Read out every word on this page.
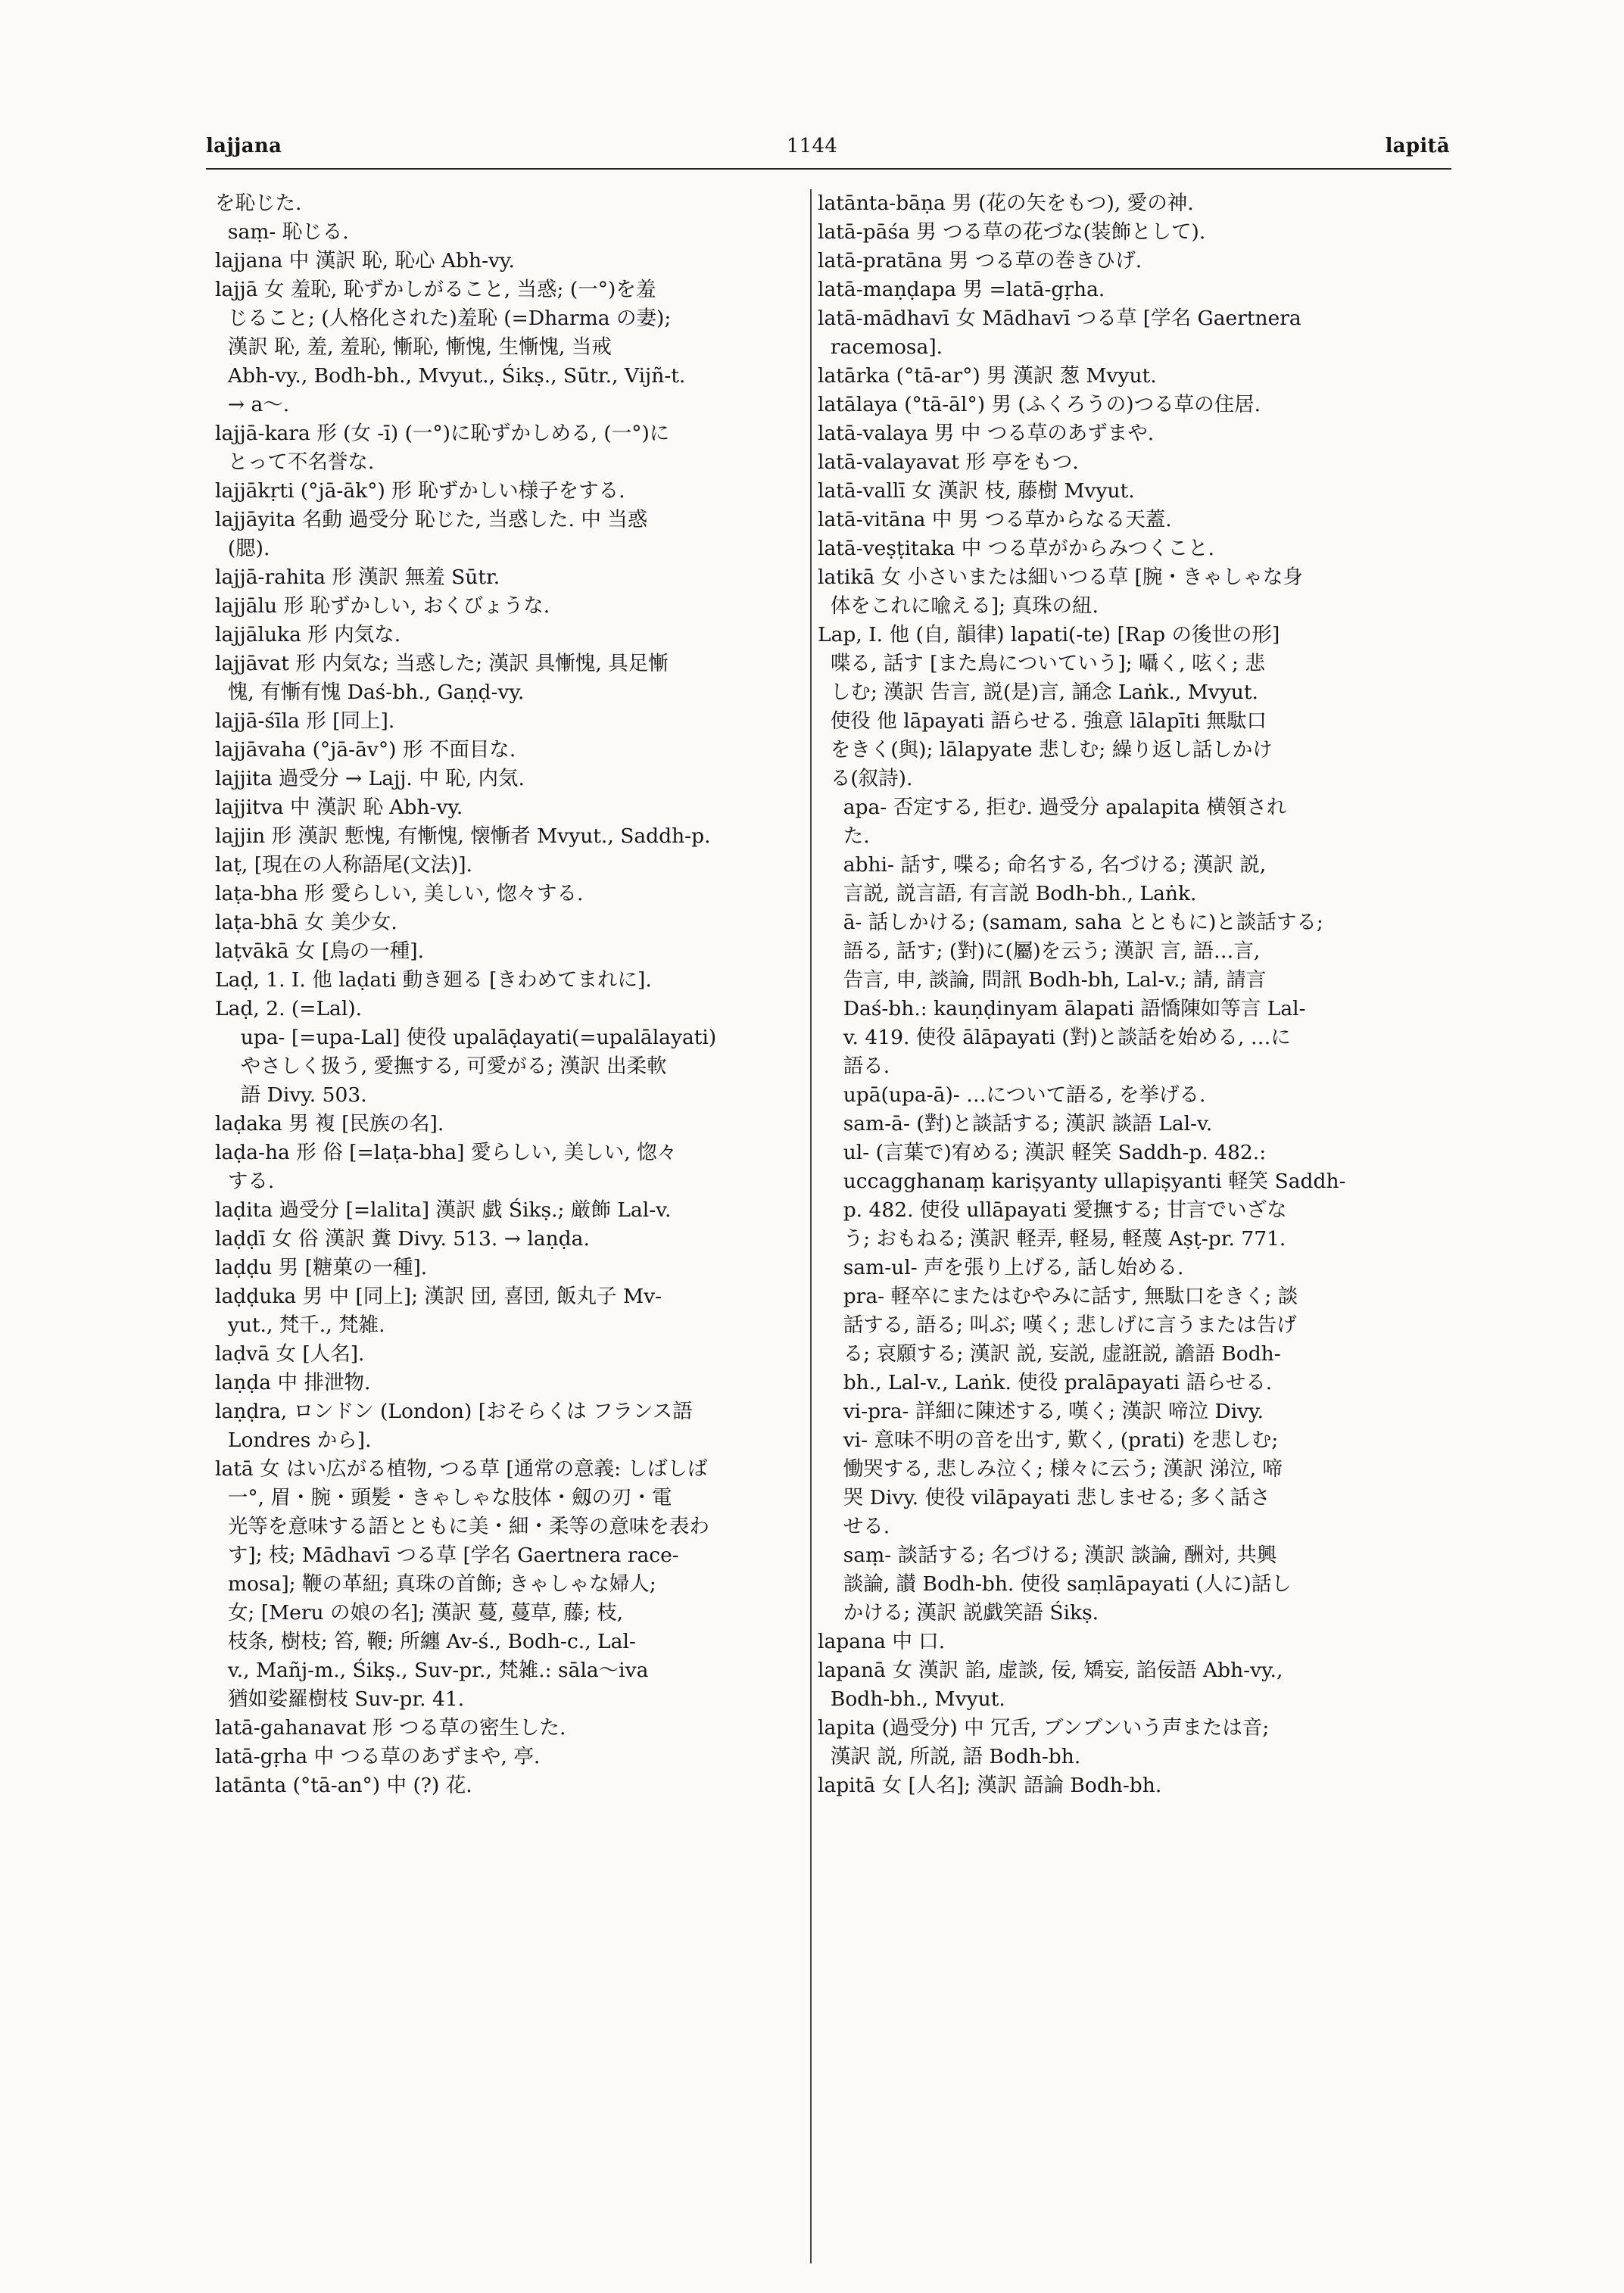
lajjana	1144	lapitā
を恥じた.
saṃ- 恥じる.
lajjana 中 漢訳 恥, 恥心 Abh-vy.
lajjā 女 羞恥, 恥ずかしがること, 当惑; (一°)を羞
じること; (人格化された)羞恥 (=Dharma の妻);
漢訳 恥, 羞, 羞恥, 慚恥, 慚愧, 生慚愧, 当戒
Abh-vy., Bodh-bh., Mvyut., Śikṣ., Sūtr., Vijñ-t.
→ a～.
lajjā-kara 形 (女 -ī) (一°)に恥ずかしめる, (一°)に
とって不名誉な.
lajjākṛti (°jā-āk°) 形 恥ずかしい様子をする.
lajjāyita 名動 過受分 恥じた, 当惑した. 中 当惑
(腮).
lajjā-rahita 形 漢訳 無羞 Sūtr.
lajjālu 形 恥ずかしい, おくびょうな.
lajjāluka 形 内気な.
lajjāvat 形 内気な; 当惑した; 漢訳 具慚愧, 具足慚
愧, 有慚有愧 Daś-bh., Gaṇḍ-vy.
lajjā-śīla 形 [同上].
lajjāvaha (°jā-āv°) 形 不面目な.
lajjita 過受分 → Lajj. 中 恥, 内気.
lajjitva 中 漢訳 恥 Abh-vy.
lajjin 形 漢訳 慙愧, 有慚愧, 懐慚者 Mvyut., Saddh-p.
laṭ, [現在の人称語尾(文法)].
laṭa-bha 形 愛らしい, 美しい, 惚々する.
laṭa-bhā 女 美少女.
laṭvākā 女 [鳥の一種].
Laḍ, 1. I. 他 laḍati 動き廻る [きわめてまれに].
Laḍ, 2. (=Lal).
upa- [=upa-Lal] 使役 upalāḍayati(=upalālayati)
やさしく扱う, 愛撫する, 可愛がる; 漢訳 出柔軟
語 Divy. 503.
laḍaka 男 複 [民族の名].
laḍa-ha 形 俗 [=laṭa-bha] 愛らしい, 美しい, 惚々
する.
laḍita 過受分 [=lalita] 漢訳 戯 Śikṣ.; 厳飾 Lal-v.
laḍḍī 女 俗 漢訳 糞 Divy. 513. → laṇḍa.
laḍḍu 男 [糖菓の一種].
laḍḍuka 男 中 [同上]; 漢訳 団, 喜団, 飯丸子 Mv-
yut., 梵千., 梵雑.
laḍvā 女 [人名].
laṇḍa 中 排泄物.
laṇḍra, ロンドン (London) [おそらくは フランス語
Londres から].
latā 女 はい広がる植物, つる草 [通常の意義: しばしば
一°, 眉・腕・頭髪・きゃしゃな肢体・劔の刃・電
光等を意味する語とともに美・細・柔等の意味を表わ
す]; 枝; Mādhavī つる草 [学名 Gaertnera race-
mosa]; 鞭の革紐; 真珠の首飾; きゃしゃな婦人;
女; [Meru の娘の名]; 漢訳 蔓, 蔓草, 藤; 枝,
枝条, 樹枝; 笞, 鞭; 所纏 Av-ś., Bodh-c., Lal-
v., Mañj-m., Śikṣ., Suv-pr., 梵雑.: sāla～iva
猶如娑羅樹枝 Suv-pr. 41.
latā-gahanavat 形 つる草の密生した.
latā-gṛha 中 つる草のあずまや, 亭.
latānta (°tā-an°) 中 (?) 花.
latānta-bāṇa 男 (花の矢をもつ), 愛の神.
latā-pāśa 男 つる草の花づな(装飾として).
latā-pratāna 男 つる草の巻きひげ.
latā-maṇḍapa 男 =latā-gṛha.
latā-mādhavī 女 Mādhavī つる草 [学名 Gaertnera
racemosa].
latārka (°tā-ar°) 男 漢訳 葱 Mvyut.
latālaya (°tā-āl°) 男 (ふくろうの)つる草の住居.
latā-valaya 男 中 つる草のあずまや.
latā-valayavat 形 亭をもつ.
latā-vallī 女 漢訳 枝, 藤樹 Mvyut.
latā-vitāna 中 男 つる草からなる天蓋.
latā-veṣṭitaka 中 つる草がからみつくこと.
latikā 女 小さいまたは細いつる草 [腕・きゃしゃな身
体をこれに喩える]; 真珠の紐.
Lap, I. 他 (自, 韻律) lapati(-te) [Rap の後世の形]
喋る, 話す [また鳥についていう]; 囁く, 呟く; 悲
しむ; 漢訳 告言, 説(是)言, 誦念 Laṅk., Mvyut.
使役 他 lāpayati 語らせる. 強意 lālapīti 無駄口
をきく(與); lālapyate 悲しむ; 繰り返し話しかけ
る(叙詩).
apa- 否定する, 拒む. 過受分 apalapita 横領され
た.
abhi- 話す, 喋る; 命名する, 名づける; 漢訳 説,
言説, 説言語, 有言説 Bodh-bh., Laṅk.
ā- 話しかける; (samam, saha とともに)と談話する;
語る, 話す; (對)に(屬)を云う; 漢訳 言, 語…言,
告言, 申, 談論, 問訊 Bodh-bh, Lal-v.; 請, 請言
Daś-bh.: kauṇḍinyam ālapati 語憍陳如等言 Lal-
v. 419. 使役 ālāpayati (對)と談話を始める, …に
語る.
upā(upa-ā)- …について語る, を挙げる.
sam-ā- (對)と談話する; 漢訳 談語 Lal-v.
ul- (言葉で)宥める; 漢訳 軽笑 Saddh-p. 482.:
uccagghanaṃ kariṣyanty ullapiṣyanti 軽笑 Saddh-
p. 482. 使役 ullāpayati 愛撫する; 甘言でいざな
う; おもねる; 漢訳 軽弄, 軽易, 軽蔑 Aṣṭ-pr. 771.
sam-ul- 声を張り上げる, 話し始める.
pra- 軽卒にまたはむやみに話す, 無駄口をきく; 談
話する, 語る; 叫ぶ; 嘆く; 悲しげに言うまたは告げ
る; 哀願する; 漢訳 説, 妄説, 虚誑説, 譫語 Bodh-
bh., Lal-v., Laṅk. 使役 pralāpayati 語らせる.
vi-pra- 詳細に陳述する, 嘆く; 漢訳 啼泣 Divy.
vi- 意味不明の音を出す, 歎く, (prati) を悲しむ;
慟哭する, 悲しみ泣く; 様々に云う; 漢訳 涕泣, 啼
哭 Divy. 使役 vilāpayati 悲しませる; 多く話さ
せる.
saṃ- 談話する; 名づける; 漢訳 談論, 酬対, 共興
談論, 讃 Bodh-bh. 使役 saṃlāpayati (人に)話し
かける; 漢訳 説戯笑語 Śikṣ.
lapana 中 口.
lapanā 女 漢訳 諂, 虚談, 佞, 矯妄, 諂佞語 Abh-vy.,
Bodh-bh., Mvyut.
lapita (過受分) 中 冗舌, ブンブンいう声または音;
漢訳 説, 所説, 語 Bodh-bh.
lapitā 女 [人名]; 漢訳 語論 Bodh-bh.
